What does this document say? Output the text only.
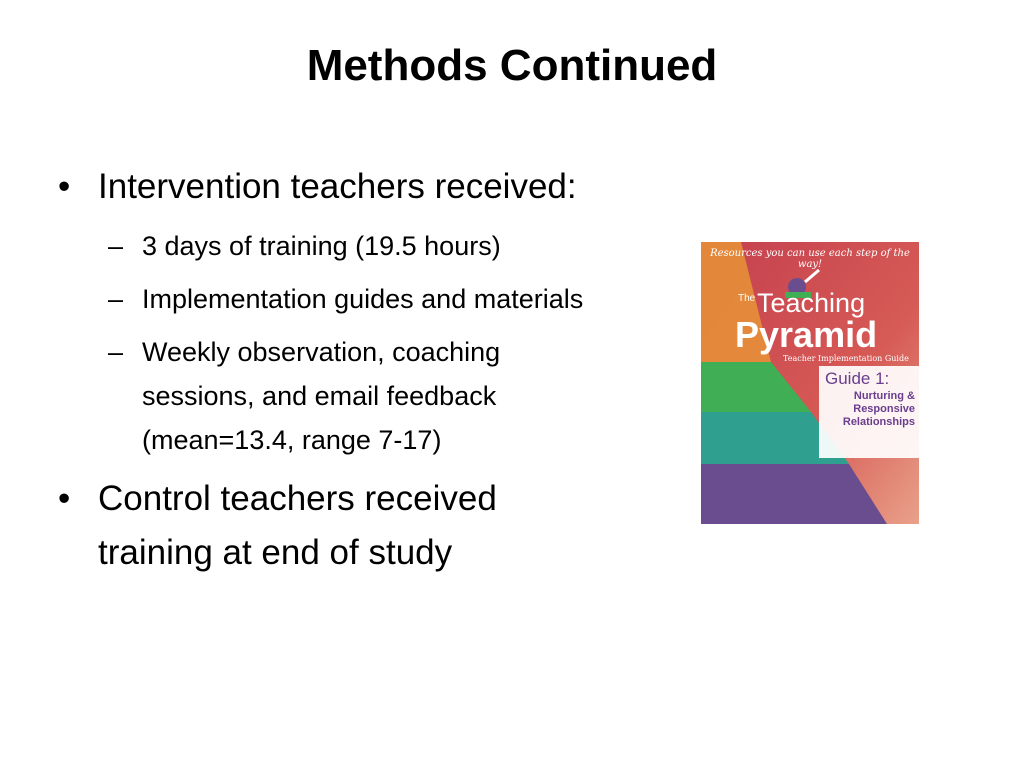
Methods Continued
• Intervention teachers received:
– 3 days of training (19.5 hours)
– Implementation guides and materials
– Weekly observation, coaching sessions, and email feedback (mean=13.4, range 7-17)
• Control teachers received training at end of study
Resources you can use each step of the way!
The Teaching
Pyramid
Teacher Implementation Guide
Guide 1:
Nurturing &
Responsive
Relationships
